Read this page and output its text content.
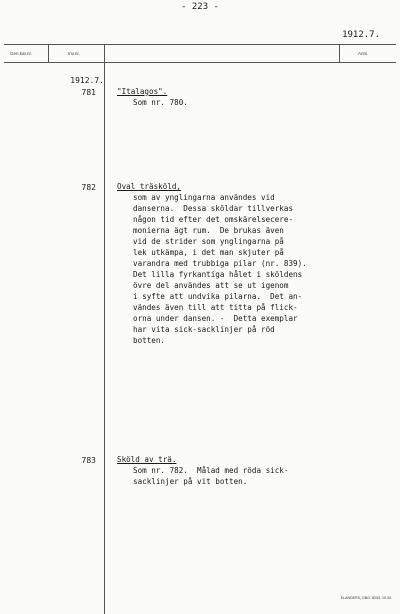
- 223 -
1912.7.
Gen.kat.nr.	Inv.nr.	Anm.
1912.7.
781	"Italagos".
Som nr. 780.
782	Oval träsköld,
som av ynglingarna användes vid
danserna.  Dessa sköldar tillverkas
någon tid efter det omskärelsecere-
monierna ägt rum.  De brukas även
vid de strider som ynglingarna på
lek utkämpa, i det man skjuter på
varandra med trubbiga pilar (nr. 839).
Det lilla fyrkantiga hålet i sköldens
övre del användes att se ut igenom
i syfte att undvika pilarna.  Det an-
vändes även till att titta på flick-
orna under dansen. -  Detta exemplar
har vita sick-sacklinjer på röd
botten.
783	Sköld av trä.
Som nr. 782.  Målad med röda sick-
sacklinjer på vit botten.
ELANDERS, GBG. 8253. 10.34.
